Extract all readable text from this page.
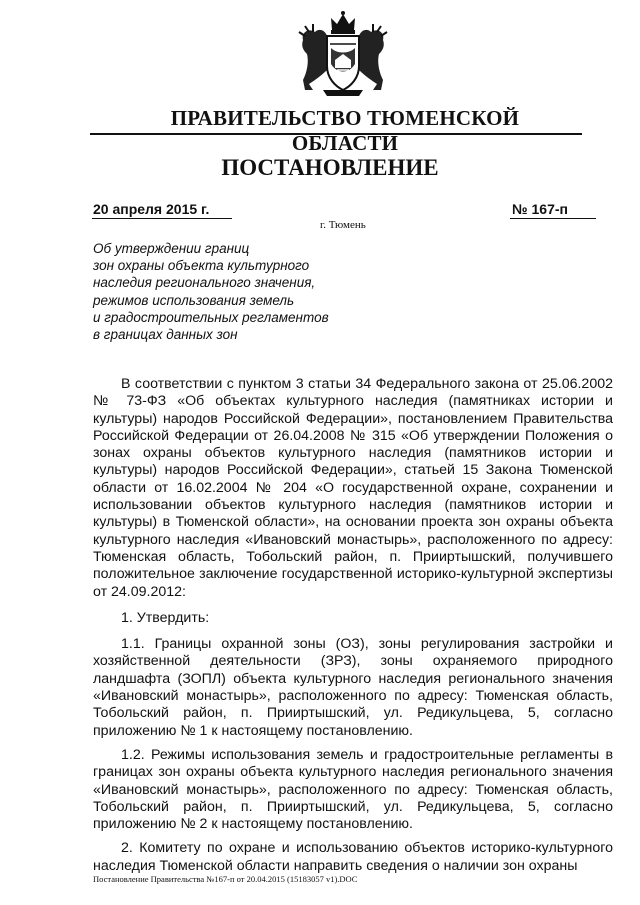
ПРАВИТЕЛЬСТВО ТЮМЕНСКОЙ ОБЛАСТИ
ПОСТАНОВЛЕНИЕ
20 апреля 2015 г.	№ 167-п
г. Тюмень
Об утверждении границ
зон охраны объекта культурного
наследия регионального значения,
режимов использования земель
и градостроительных регламентов
в границах данных зон

В соответствии с пунктом 3 статьи 34 Федерального закона от 25.06.2002 № 73-ФЗ «Об объектах культурного наследия (памятниках истории и культуры) народов Российской Федерации», постановлением Правительства Российской Федерации от 26.04.2008 № 315 «Об утверждении Положения о зонах охраны объектов культурного наследия (памятников истории и культуры) народов Российской Федерации», статьей 15 Закона Тюменской области от 16.02.2004 № 204 «О государственной охране, сохранении и использовании объектов культурного наследия (памятников истории и культуры) в Тюменской области», на основании проекта зон охраны объекта культурного наследия «Ивановский монастырь», расположенного по адресу: Тюменская область, Тобольский район, п. Прииртышский, получившего положительное заключение государственной историко-культурной экспертизы от 24.09.2012:

1. Утвердить:

1.1. Границы охранной зоны (ОЗ), зоны регулирования застройки и хозяйственной деятельности (ЗРЗ), зоны охраняемого природного ландшафта (ЗОПЛ) объекта культурного наследия регионального значения «Ивановский монастырь», расположенного по адресу: Тюменская область, Тобольский район, п. Прииртышский, ул. Редикульцева, 5, согласно приложению № 1 к настоящему постановлению.

1.2. Режимы использования земель и градостроительные регламенты в границах зон охраны объекта культурного наследия регионального значения «Ивановский монастырь», расположенного по адресу: Тюменская область, Тобольский район, п. Прииртышский, ул. Редикульцева, 5, согласно приложению № 2 к настоящему постановлению.

2. Комитету по охране и использованию объектов историко-культурного наследия Тюменской области направить сведения о наличии зон охраны

Постановление Правительства №167-п от 20.04.2015 (15183057 v1).DOC
